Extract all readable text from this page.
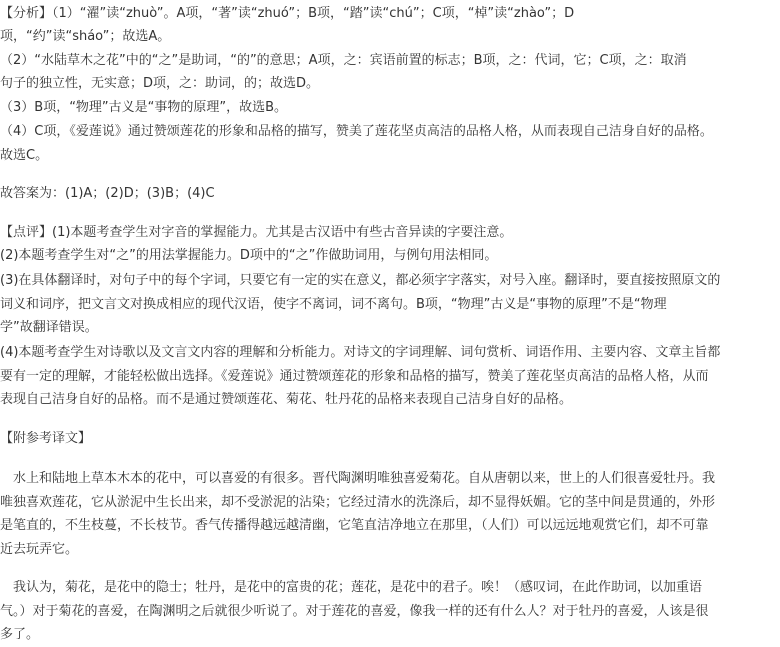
【分析】（1）“濯”读“zhuò”。A项，“著”读“zhuó”；B项，“踏”读“chú”；C项，“棹”读“zhào”；D
项，“约”读“sháo”；故选A。
（2）“水陆草木之花”中的“之”是助词，“的”的意思；A项，之：宾语前置的标志；B项，之：代词，它；C项，之：取消
句子的独立性，无实意；D项，之：助词，的；故选D。
（3）B项，“物理”古义是“事物的原理”，故选B。
（4）C项，《爱莲说》通过赞颂莲花的形象和品格的描写，赞美了莲花坚贞高洁的品格人格，从而表现自己洁身自好的品格。
故选C。
故答案为：(1)A；(2)D；(3)B；(4)C
【点评】(1)本题考查学生对字音的掌握能力。尤其是古汉语中有些古音异读的字要注意。
(2)本题考查学生对“之”的用法掌握能力。D项中的“之”作做助词用，与例句用法相同。
(3)在具体翻译时，对句子中的每个字词，只要它有一定的实在意义，都必须字字落实，对号入座。翻译时，要直接按照原文的
词义和词序，把文言文对换成相应的现代汉语，使字不离词，词不离句。B项，“物理”古义是“事物的原理”不是“物理
学”故翻译错误。
(4)本题考查学生对诗歌以及文言文内容的理解和分析能力。对诗文的字词理解、词句赏析、词语作用、主要内容、文章主旨都
要有一定的理解，才能轻松做出选择。《爱莲说》通过赞颂莲花的形象和品格的描写，赞美了莲花坚贞高洁的品格人格，从而
表现自己洁身自好的品格。而不是通过赞颂莲花、菊花、牡丹花的品格来表现自己洁身自好的品格。
【附参考译文】

　水上和陆地上草本木本的花中，可以喜爱的有很多。晋代陶渊明唯独喜爱菊花。自从唐朝以来，世上的人们很喜爱牡丹。我

唯独喜欢莲花，它从淤泥中生长出来，却不受淤泥的沾染；它经过清水的洗涤后，却不显得妖媚。它的茎中间是贯通的，外形

是笔直的，不生枝蔓，不长枝节。香气传播得越远越清幽，它笔直洁净地立在那里，（人们）可以远远地观赏它们，却不可靠

近去玩弄它。

　我认为，菊花，是花中的隐士；牡丹，是花中的富贵的花；莲花，是花中的君子。唉！（感叹词，在此作助词，以加重语

气。）对于菊花的喜爱，在陶渊明之后就很少听说了。对于莲花的喜爱，像我一样的还有什么人？对于牡丹的喜爱，人该是很

多了。
